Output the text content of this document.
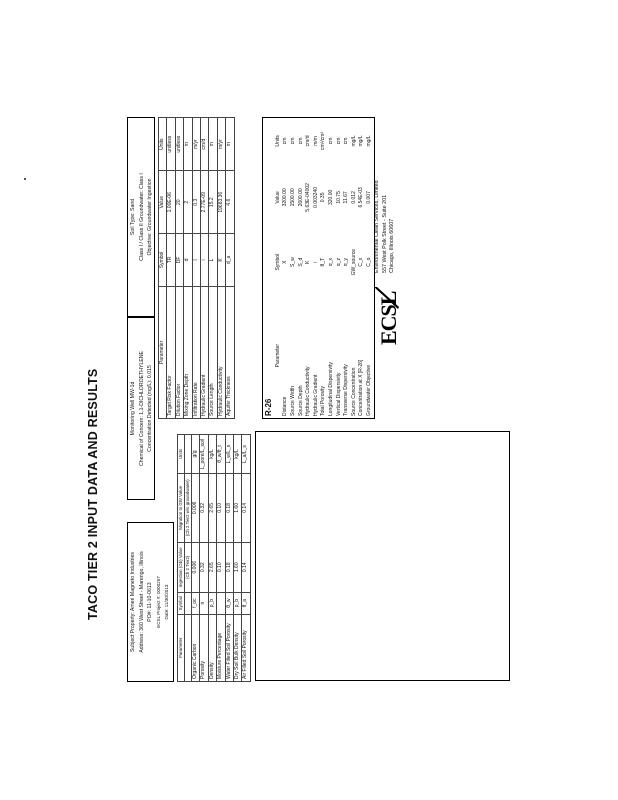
TACO TIER 2 INPUT DATA AND RESULTS	Subject Property: Ameri Magneto Industries Address: 360 West Street - Marengo, Illinois PO#: 11-10-0613 ECSL Project #: 0000257 Date: 11/30/2013
Monitoring Well MW-1d Chemical of Concern: 1,1-DICHLOROETHYLENE Concentration Detected (mg/L): 0.015
Soil Type: Sand Class I / Class II Groundwater: Class I Objective: Groundwater Ingestion
Parameter	Symbol	Ingestion (Ob) Value	Migration to GW Value	Units
		(Ch 2 Tier2)	(Ch 2 Tier2 w/o groundwater)	
Organic Carbon	f_oc	0.006	0.006	g/g
Porosity	n	0.32	0.32	L_pore/L_soil
Density	ρ_b	2.65	2.65	kg/L
Moisture Percentage		0.10	0.10	θ_w/θ_t
Water Filled Soil Porosity	θ_w	0.18	0.18	L_w/L_s
Dry Soil Bulk Density	ρ_b	1.60	1.60	kg/L
Air Filled Soil Porosity	θ_a	0.14	0.14	L_a/L_s
Parameter	Symbol	Value	Units
Target Risk Factor	TR	1.00E-06	unitless
Dilution Factor	DF	20	unitless
Mixing Zone Depth	d	2	m
Infiltration Rate	I	0.3	m/yr
Hydraulic Gradient	i	2.77E-09	cm/d
Source Length	L	15.2	m
Hydraulic Conductivity	K	19683.36	m/yr
Aquifer Thickness	d_a	4.6	m
R-26			
Parameter	Symbol	Value	Units
Distance	X	3200.00	cm
Source Width	S_w	1500.00	cm
Source Depth	S_d	2600.00	cm
Hydraulic Conductivity	K	5.63E-04002	cm/d
Hydraulic Gradient	i	0.003240	m/m
Total Porosity	θ_T	0.35	cm³/cm³
Longitudinal Dispersivity	α_x	320.00	cm
Vertical Dispersivity	α_z	10.75	cm
Transverse Dispersivity	α_y	11.67	cm
Source Concentration	GW_source	0.012	mg/L
Concentration at X [R-26]	C_x	6.54E-03	mg/L
Groundwater Objective	C_o	0.007	mg/L
ECSL
Environmental Clean Services, Limited 557 West Polk Street - Suite 201 Chicago, Illinois 60607
